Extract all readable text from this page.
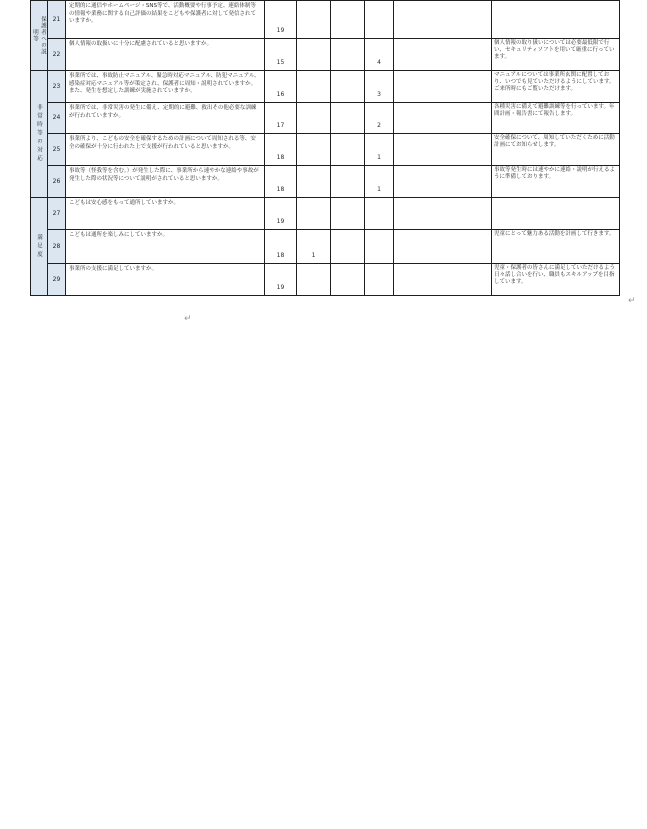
保護者への説明等	21	定期的に通信やホームページ・SNS等で、活動概要や行事予定、連絡体制等の情報や業務に関する自己評価の結果をこどもや保護者に対して発信されていますか。	19					
	22	個人情報の取扱いに十分に配慮されていると思いますか。	15			4		個人情報の取り扱いについては必要最低限で行い、セキュリティソフトを用いて厳重に行っています。

非常時等の対応	23	事業所では、事故防止マニュアル、緊急時対応マニュアル、防犯マニュアル、感染症対応マニュアル等が策定され、保護者に周知・説明されていますか。また、発生を想定した訓練が実施されていますか。	16			3		マニュアルについては事業所玄関に配置しており、いつでも見ていただけるようにしています。ご来所時にもご覧いただけます。
	24	事業所では、非常災害の発生に備え、定期的に避難、救出その他必要な訓練が行われていますか。	17			2		各種災害に備えて避難訓練等を行っています。年間計画・報告書にて報告します。
	25	事業所より、こどもの安全を確保するための計画について周知される等、安全の確保が十分に行われた上で支援が行われていると思いますか。	18			1		安全確保について、周知していただくために活動計画にてお知らせします。
	26	事故等（怪我等を含む。）が発生した際に、事業所から速やかな連絡や事故が発生した際の状況等について説明がされていると思いますか。	18			1		事故等発生時には速やかに連絡・説明が行えるように準備しております。

満足度	27	こどもは安心感をもって通所していますか。	19					
	28	こどもは通所を楽しみにしていますか。	18	1				児童にとって魅力ある活動を計画して行きます。
	29	事業所の支援に満足していますか。	19					児童・保護者の皆さんに満足していただけるよう日々話し合いを行い、職員もスキルアップを目指しています。
↵
↵
